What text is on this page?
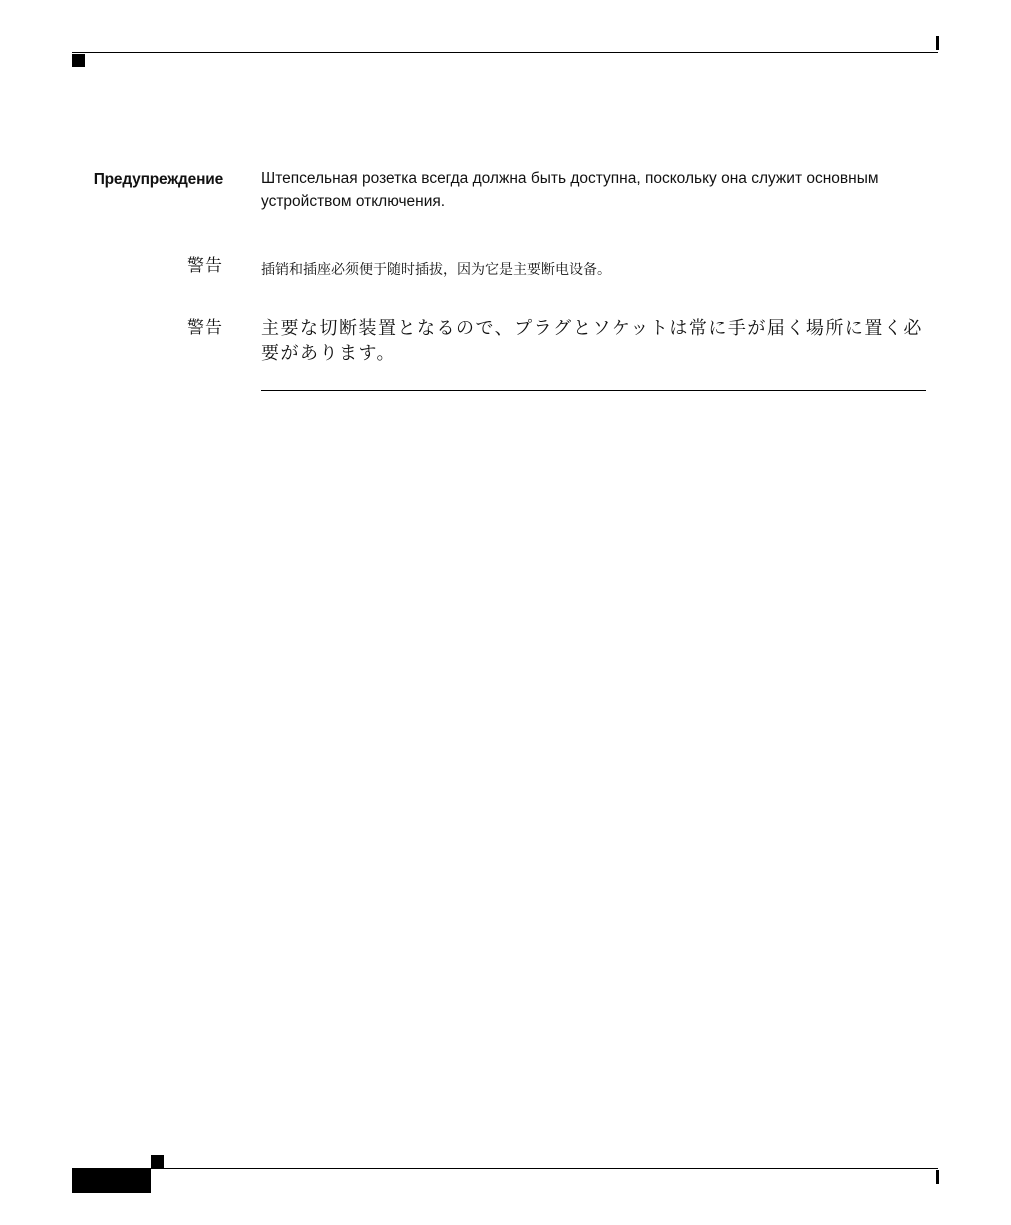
Предупреждение Штепсельная розетка всегда должна быть доступна, поскольку она служит основным устройством отключения.
警告	插销和插座必须便于随时插拔，因为它是主要断电设备。
警告 主要な切断装置となるので、プラグとソケットは常に手が届く場所に置く必要があります。
